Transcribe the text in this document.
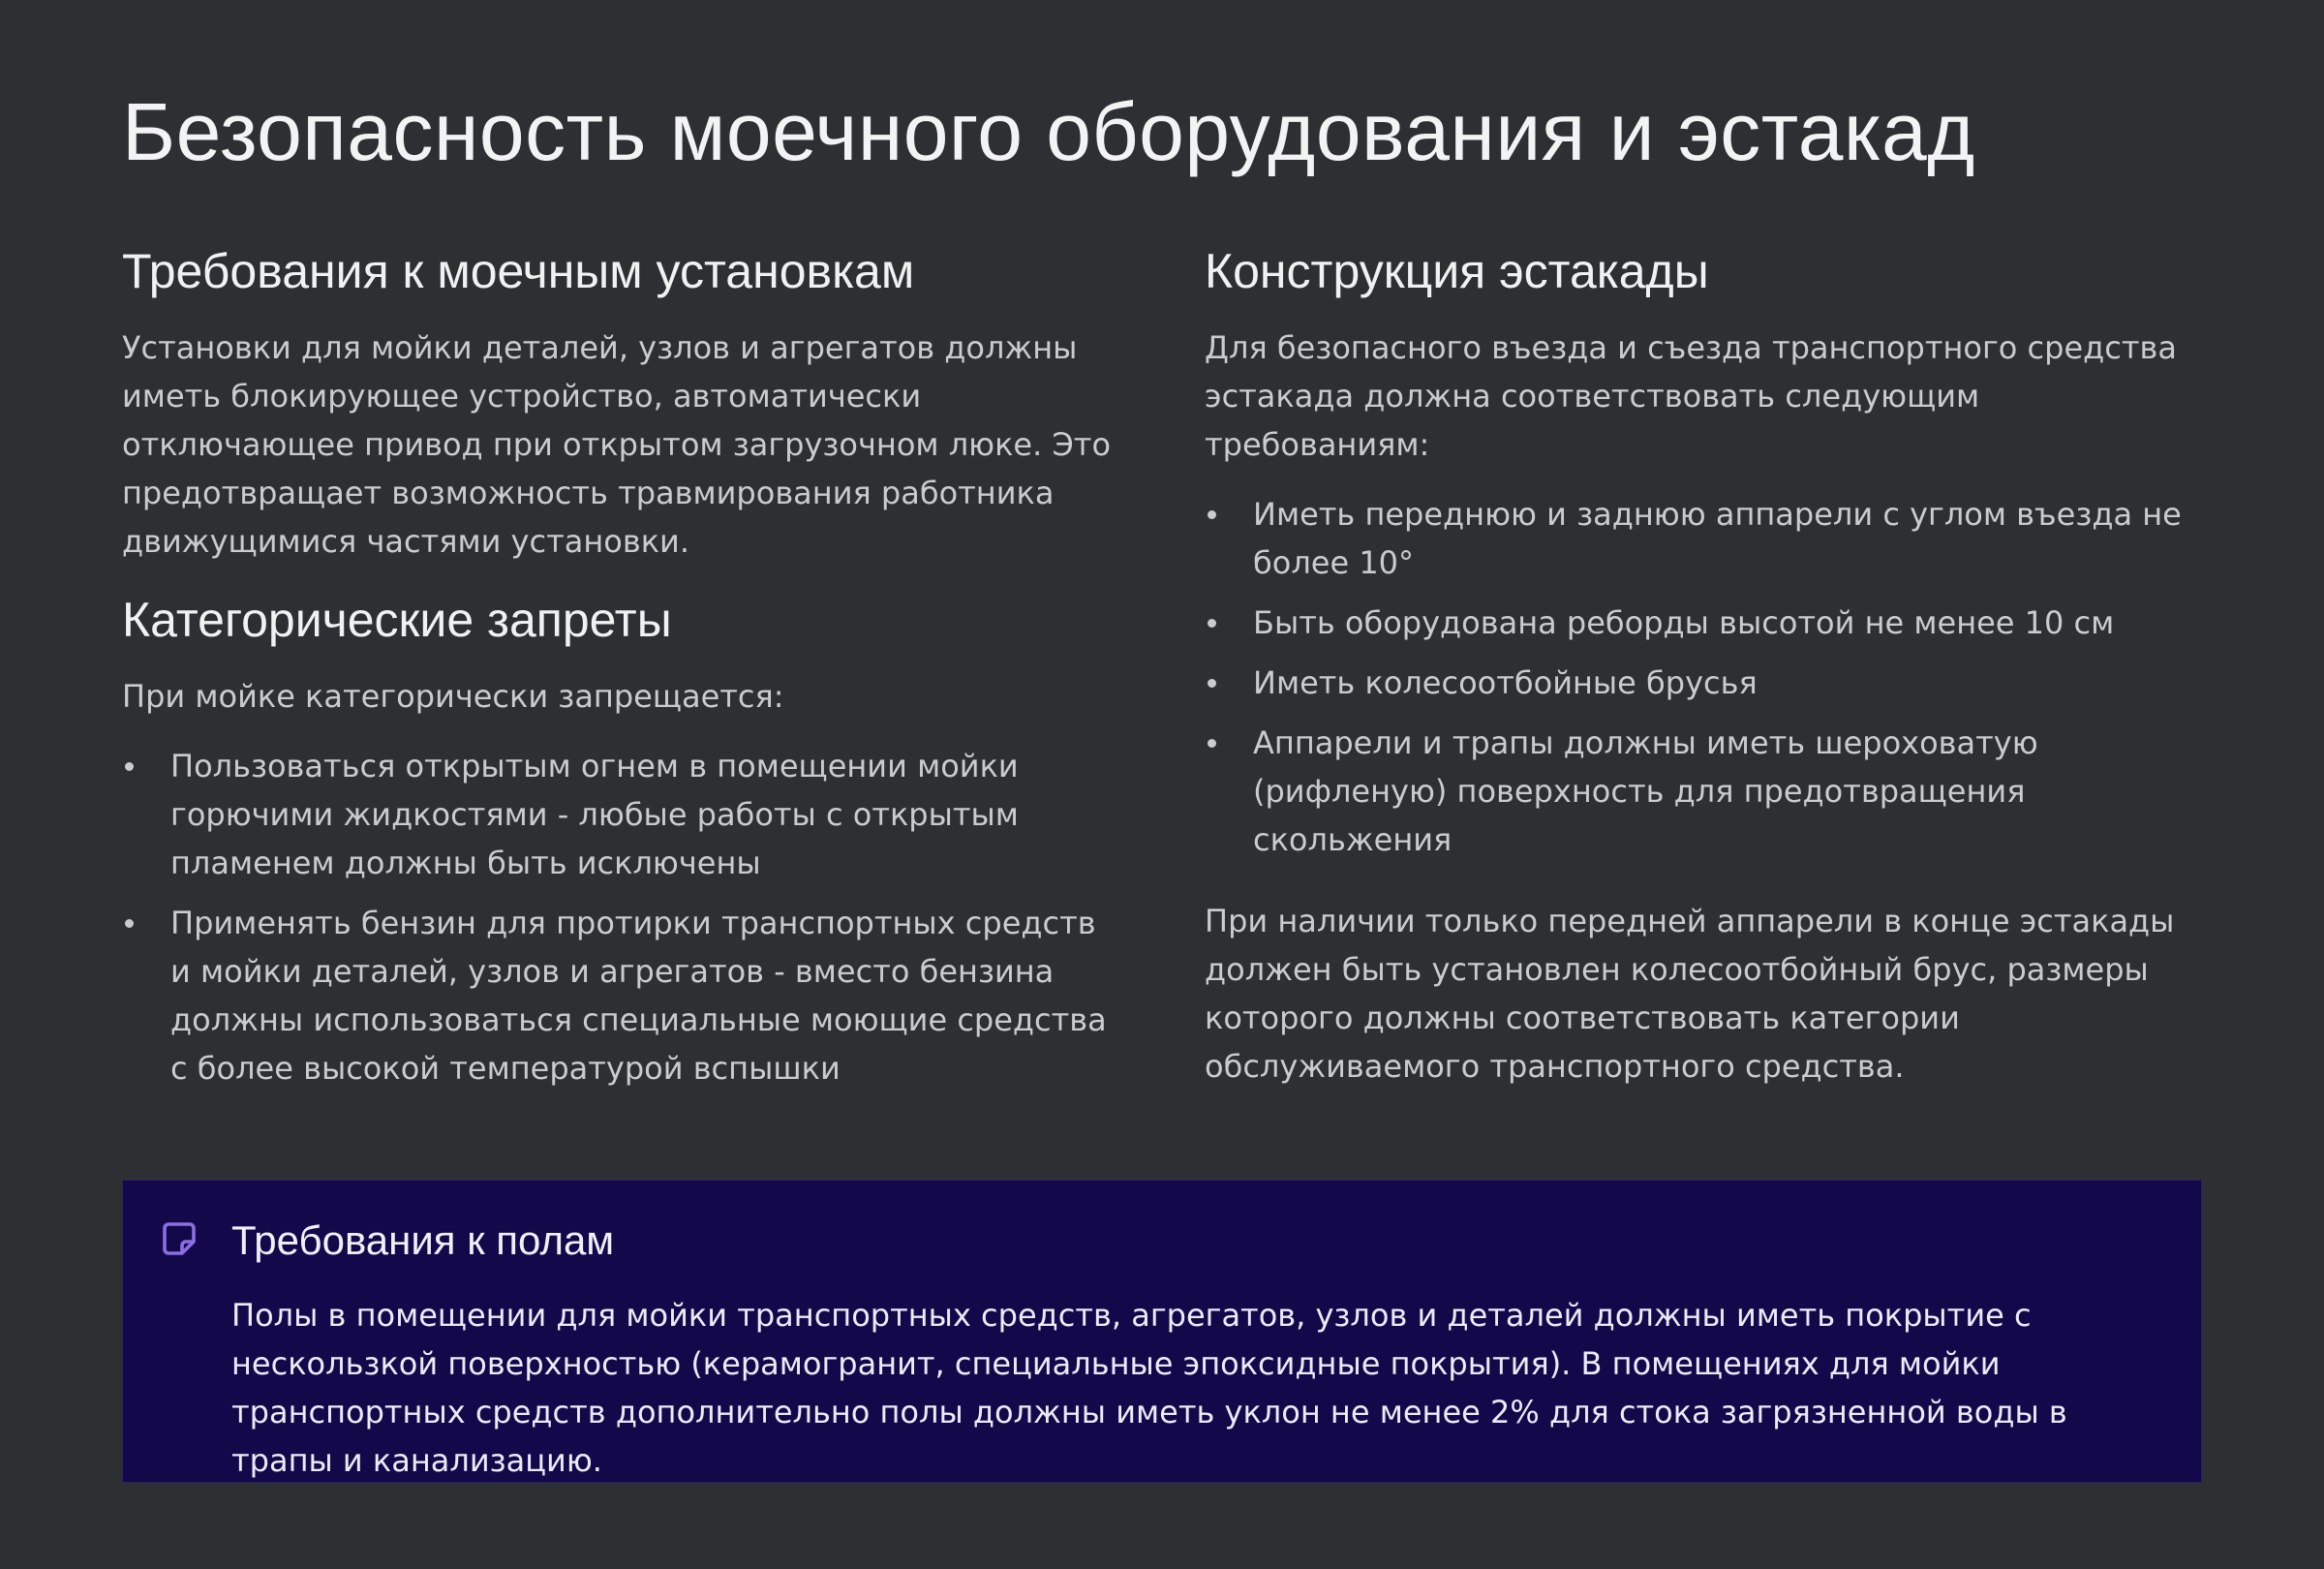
Безопасность моечного оборудования и эстакад
Требования к моечным установкам

Установки для мойки деталей, узлов и агрегатов должны иметь блокирующее устройство, автоматически отключающее привод при открытом загрузочном люке. Это предотвращает возможность травмирования работника движущимися частями установки.

Категорические запреты

При мойке категорически запрещается:

Пользоваться открытым огнем в помещении мойки горючими жидкостями - любые работы с открытым пламенем должны быть исключены
Применять бензин для протирки транспортных средств и мойки деталей, узлов и агрегатов - вместо бензина должны использоваться специальные моющие средства с более высокой температурой вспышки
Конструкция эстакады

Для безопасного въезда и съезда транспортного средства эстакада должна соответствовать следующим требованиям:

Иметь переднюю и заднюю аппарели с углом въезда не более 10°
Быть оборудована реборды высотой не менее 10 см
Иметь колесоотбойные брусья
Аппарели и трапы должны иметь шероховатую (рифленую) поверхность для предотвращения скольжения

При наличии только передней аппарели в конце эстакады должен быть установлен колесоотбойный брус, размеры которого должны соответствовать категории обслуживаемого транспортного средства.

Требования к полам

Полы в помещении для мойки транспортных средств, агрегатов, узлов и деталей должны иметь покрытие с нескользкой поверхностью (керамогранит, специальные эпоксидные покрытия). В помещениях для мойки транспортных средств дополнительно полы должны иметь уклон не менее 2% для стока загрязненной воды в трапы и канализацию.
